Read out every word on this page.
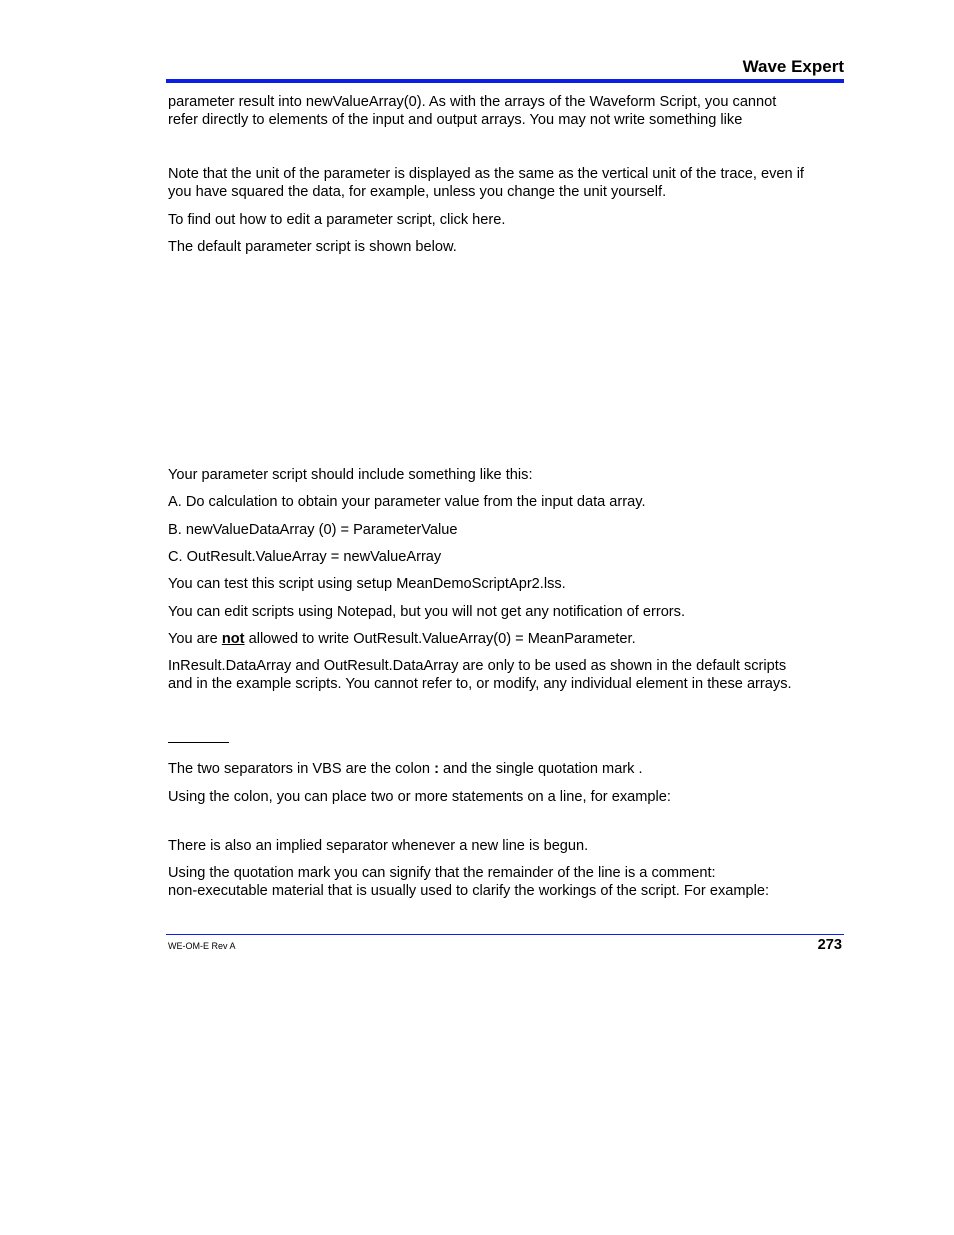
Wave Expert

parameter result into newValueArray(0). As with the arrays of the Waveform Script, you cannot
refer directly to elements of the input and output arrays. You may not write something like

Note that the unit of the parameter is displayed as the same as the vertical unit of the trace, even if
you have squared the data, for example, unless you change the unit yourself.

To find out how to edit a parameter script, click here.

The default parameter script is shown below.

Your parameter script should include something like this:

A. Do calculation to obtain your parameter value from the input data array.

B. newValueDataArray (0) = ParameterValue

C. OutResult.ValueArray = newValueArray

You can test this script using setup MeanDemoScriptApr2.lss.

You can edit scripts using Notepad, but you will not get any notification of errors.

You are not allowed to write OutResult.ValueArray(0) = MeanParameter.

InResult.DataArray and OutResult.DataArray are only to be used as shown in the default scripts
and in the example scripts. You cannot refer to, or modify, any individual element in these arrays.

The two separators in VBS are the colon : and the single quotation mark .

Using the colon, you can place two or more statements on a line, for example:

There is also an implied separator whenever a new line is begun.

Using the quotation mark you can signify that the remainder of the line is a comment:
non-executable material that is usually used to clarify the workings of the script. For example:

WE-OM-E Rev A	273
